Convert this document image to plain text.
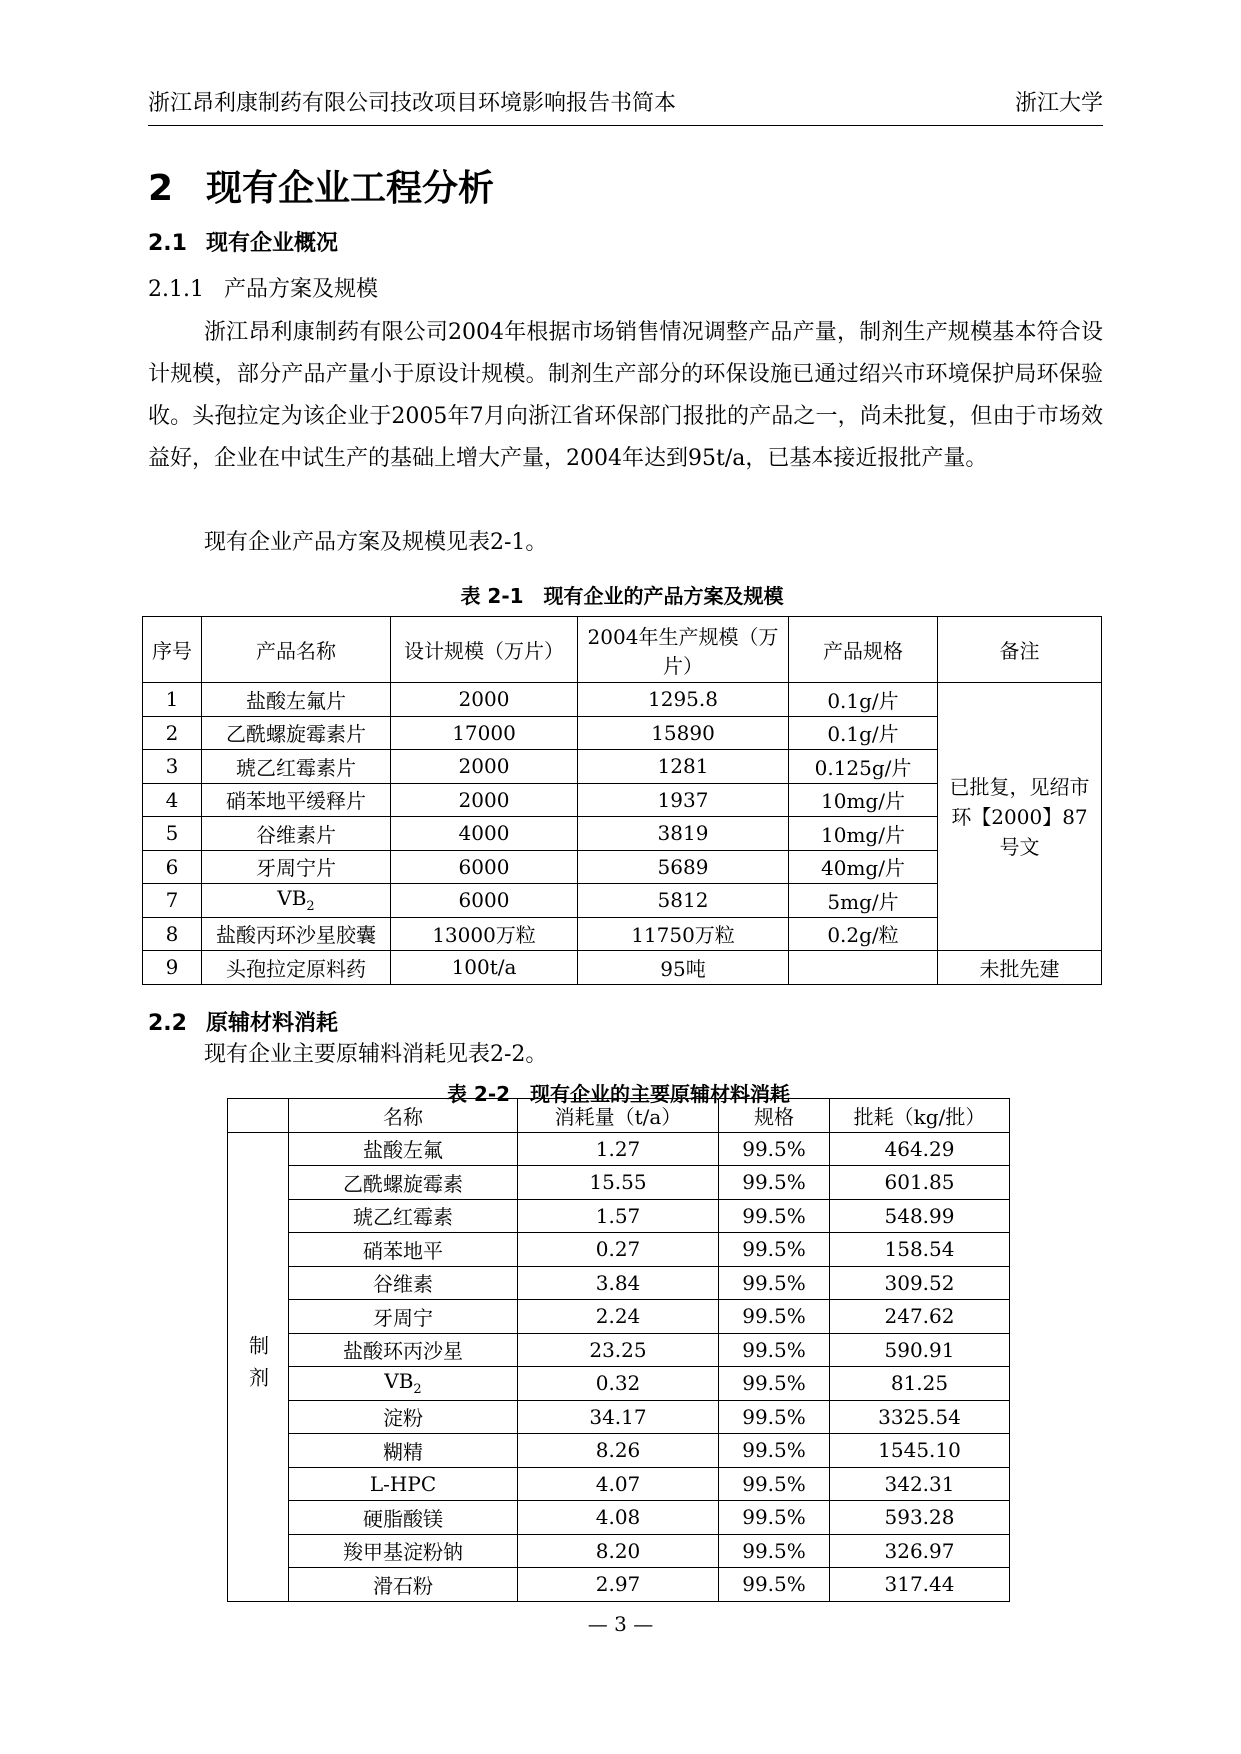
浙江昂利康制药有限公司技改项目环境影响报告书简本	浙江大学
2 现有企业工程分析
2.1 现有企业概况
2.1.1 产品方案及规模
浙江昂利康制药有限公司2004年根据市场销售情况调整产品产量，制剂生产规模基本符合设计规模，部分产品产量小于原设计规模。制剂生产部分的环保设施已通过绍兴市环境保护局环保验收。头孢拉定为该企业于2005年7月向浙江省环保部门报批的产品之一，尚未批复，但由于市场效益好，企业在中试生产的基础上增大产量，2004年达到95t/a，已基本接近报批产量。
现有企业产品方案及规模见表2-1。
表 2-1　现有企业的产品方案及规模
序号	产品名称	设计规模（万片）	2004年生产规模（万片）	产品规格	备注
1	盐酸左氟片	2000	1295.8	0.1g/片	已批复，见绍市环【2000】87号文
2	乙酰螺旋霉素片	17000	15890	0.1g/片	
3	琥乙红霉素片	2000	1281	0.125g/片	
4	硝苯地平缓释片	2000	1937	10mg/片	
5	谷维素片	4000	3819	10mg/片	
6	牙周宁片	6000	5689	40mg/片	
7	$VB_2$	6000	5812	5mg/片	
8	盐酸丙环沙星胶囊	13000万粒	11750万粒	0.2g/粒	
9	头孢拉定原料药	100t/a	95吨		未批先建
2.2 原辅材料消耗
现有企业主要原辅料消耗见表2-2。
表 2-2　现有企业的主要原辅材料消耗
	名称	消耗量（t/a）	规格	批耗（kg/批）
制剂	盐酸左氟	1.27	99.5%	464.29
	乙酰螺旋霉素	15.55	99.5%	601.85
	琥乙红霉素	1.57	99.5%	548.99
	硝苯地平	0.27	99.5%	158.54
	谷维素	3.84	99.5%	309.52
	牙周宁	2.24	99.5%	247.62
	盐酸环丙沙星	23.25	99.5%	590.91
	$VB_2$	0.32	99.5%	81.25
	淀粉	34.17	99.5%	3325.54
	糊精	8.26	99.5%	1545.10
	L-HPC	4.07	99.5%	342.31
	硬脂酸镁	4.08	99.5%	593.28
	羧甲基淀粉钠	8.20	99.5%	326.97
	滑石粉	2.97	99.5%	317.44
— 3 —
